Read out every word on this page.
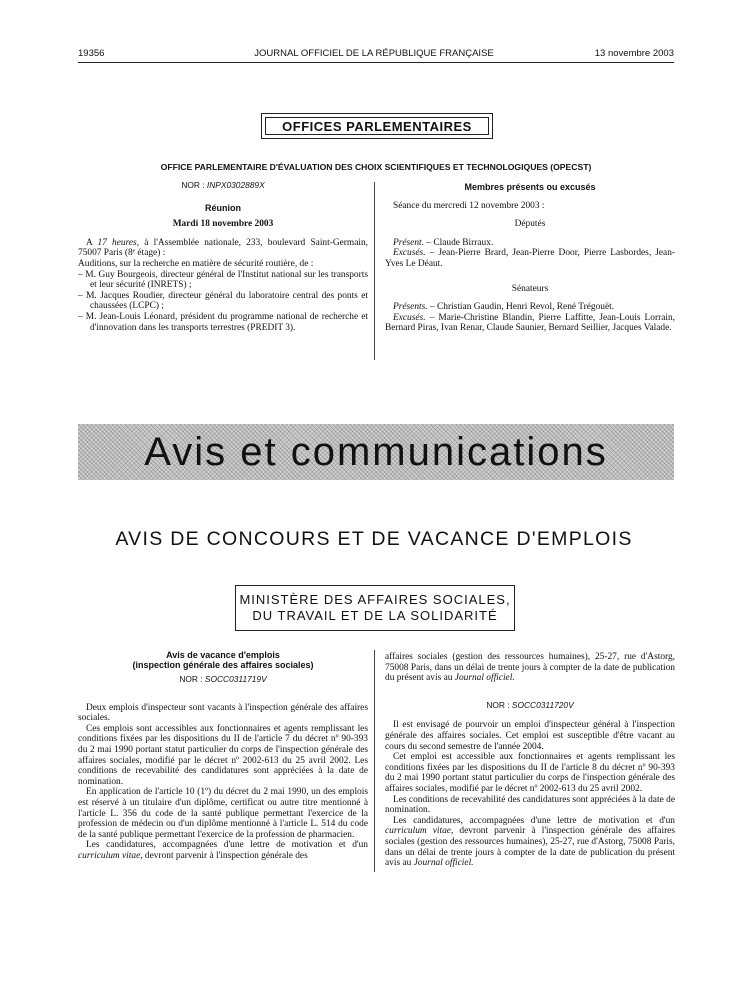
19356	JOURNAL OFFICIEL DE LA RÉPUBLIQUE FRANÇAISE	13 novembre 2003
OFFICES PARLEMENTAIRES
OFFICE PARLEMENTAIRE D'ÉVALUATION DES CHOIX SCIENTIFIQUES ET TECHNOLOGIQUES (OPECST)

NOR : INPX0302889X

Réunion

Mardi 18 novembre 2003

A 17 heures, à l'Assemblée nationale, 233, boulevard Saint-Germain, 75007 Paris (8ᵉ étage) :

Auditions, sur la recherche en matière de sécurité routière, de :

– M. Guy Bourgeois, directeur général de l'Institut national sur les transports et leur sécurité (INRETS) ;

– M. Jacques Roudier, directeur général du laboratoire central des ponts et chaussées (LCPC) ;

– M. Jean-Louis Léonard, président du programme national de recherche et d'innovation dans les transports terrestres (PREDIT 3).

Membres présents ou excusés

Séance du mercredi 12 novembre 2003 :

Députés

Présent. – Claude Birraux.

Excusés. – Jean-Pierre Brard, Jean-Pierre Door, Pierre Lasbordes, Jean-Yves Le Déaut.

Sénateurs

Présents. – Christian Gaudin, Henri Revol, René Trégouët.

Excusés. – Marie-Christine Blandin, Pierre Laffitte, Jean-Louis Lorrain, Bernard Piras, Ivan Renar, Claude Saunier, Bernard Seillier, Jacques Valade.

Avis et communications
AVIS DE CONCOURS ET DE VACANCE D'EMPLOIS
MINISTÈRE DES AFFAIRES SOCIALES,
DU TRAVAIL ET DE LA SOLIDARITÉ

Avis de vacance d'emplois

(inspection générale des affaires sociales)

NOR : SOCC0311719V

Deux emplois d'inspecteur sont vacants à l'inspection générale des affaires sociales.

Ces emplois sont accessibles aux fonctionnaires et agents remplissant les conditions fixées par les dispositions du II de l'article 7 du décret nº 90-393 du 2 mai 1990 portant statut particulier du corps de l'inspection générale des affaires sociales, modifié par le décret nº 2002-613 du 25 avril 2002. Les conditions de recevabilité des candidatures sont appréciées à la date de nomination.

En application de l'article 10 (1º) du décret du 2 mai 1990, un des emplois est réservé à un titulaire d'un diplôme, certificat ou autre titre mentionné à l'article L. 356 du code de la santé publique permettant l'exercice de la profession de médecin ou d'un diplôme mentionné à l'article L. 514 du code de la santé publique permettant l'exercice de la profession de pharmacien.

Les candidatures, accompagnées d'une lettre de motivation et d'un curriculum vitae, devront parvenir à l'inspection générale des

affaires sociales (gestion des ressources humaines), 25-27, rue d'Astorg, 75008 Paris, dans un délai de trente jours à compter de la date de publication du présent avis au Journal officiel.

NOR : SOCC0311720V

Il est envisagé de pourvoir un emploi d'inspecteur général à l'inspection générale des affaires sociales. Cet emploi est susceptible d'être vacant au cours du second semestre de l'année 2004.

Cet emploi est accessible aux fonctionnaires et agents remplissant les conditions fixées par les dispositions du II de l'article 8 du décret nº 90-393 du 2 mai 1990 portant statut particulier du corps de l'inspection générale des affaires sociales, modifié par le décret nº 2002-613 du 25 avril 2002.

Les conditions de recevabilité des candidatures sont appréciées à la date de nomination.

Les candidatures, accompagnées d'une lettre de motivation et d'un curriculum vitae, devront parvenir à l'inspection générale des affaires sociales (gestion des ressources humaines), 25-27, rue d'Astorg, 75008 Paris, dans un délai de trente jours à compter de la date de publication du présent avis au Journal officiel.
